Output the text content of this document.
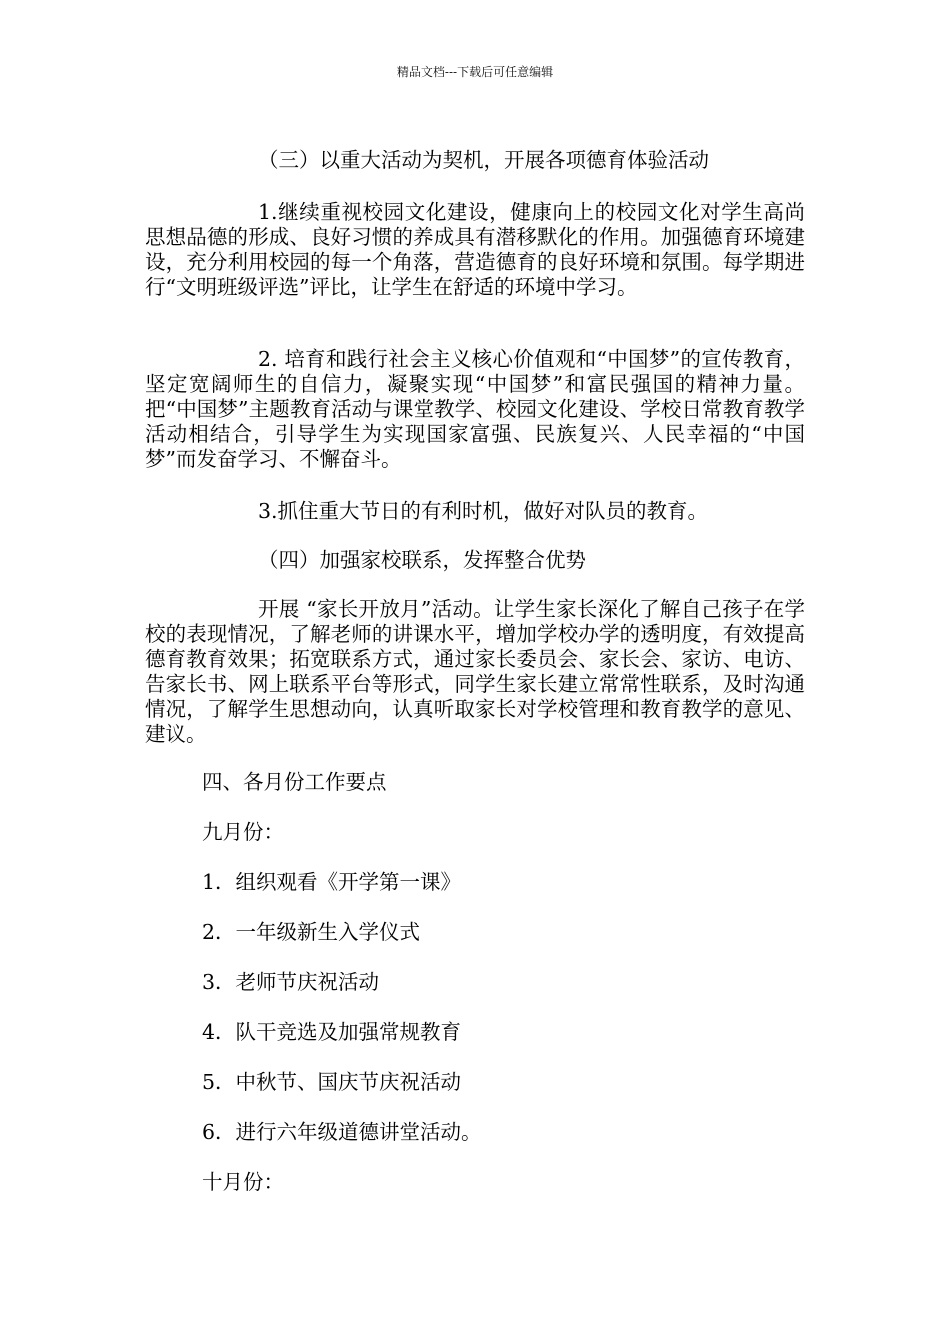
精品文档---下载后可任意编辑

（三）以重大活动为契机，开展各项德育体验活动

1.继续重视校园文化建设，健康向上的校园文化对学生高尚思想品德的形成、良好习惯的养成具有潜移默化的作用。加强德育环境建设，充分利用校园的每一个角落，营造德育的良好环境和氛围。每学期进行“文明班级评选”评比，让学生在舒适的环境中学习。

2. 培育和践行社会主义核心价值观和“中国梦”的宣传教育，坚定宽阔师生的自信力，凝聚实现“中国梦”和富民强国的精神力量。把“中国梦”主题教育活动与课堂教学、校园文化建设、学校日常教育教学活动相结合，引导学生为实现国家富强、民族复兴、人民幸福的“中国梦”而发奋学习、不懈奋斗。

3.抓住重大节日的有利时机，做好对队员的教育。

（四）加强家校联系，发挥整合优势

开展 “家长开放月”活动。让学生家长深化了解自己孩子在学校的表现情况，了解老师的讲课水平，增加学校办学的透明度，有效提高德育教育效果；拓宽联系方式，通过家长委员会、家长会、家访、电访、告家长书、网上联系平台等形式，同学生家长建立常常性联系，及时沟通情况，了解学生思想动向，认真听取家长对学校管理和教育教学的意见、建议。

四、各月份工作要点

九月份：

1．组织观看《开学第一课》

2．一年级新生入学仪式

3．老师节庆祝活动

4．队干竞选及加强常规教育

5．中秋节、国庆节庆祝活动

6．进行六年级道德讲堂活动。

十月份：
